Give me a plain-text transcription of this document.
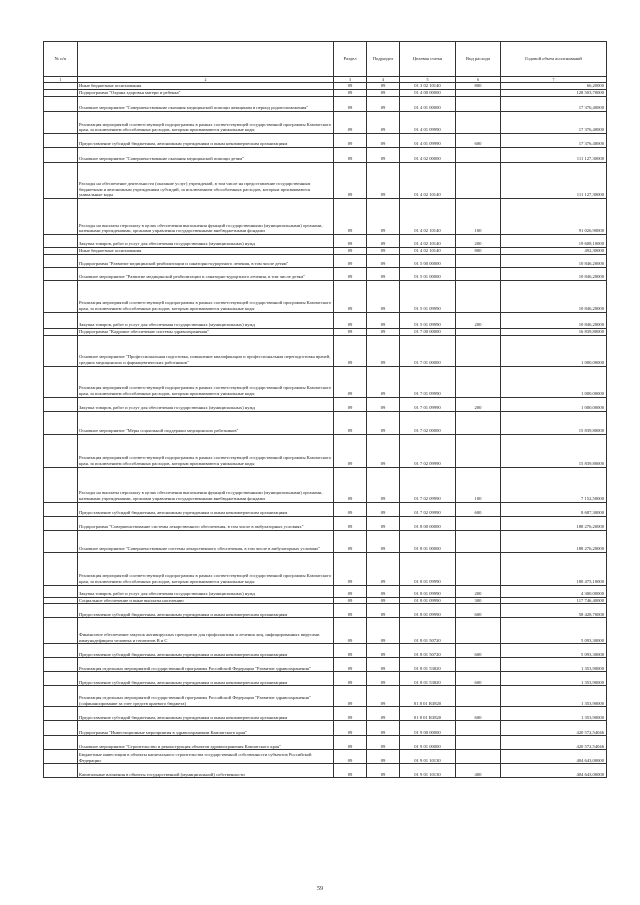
№ п/п		Раздел	Подраздел	Целевая статья	Вид расхода	Годовой объем ассигнований
1	2	3	4	5	6	7
	Иные бюджетные ассигнования	09	09	01 3 02 10140	800	66,20000
	Подпрограмма "Охрана здоровья матери и ребенка"	09	09	01 4 00 00000		128 503,70000
	Основное мероприятие "Совершенствование оказания медицинской помощи женщинам в период родовспоможения"	09	09	01 4 01 00000		17 376,40000
	Реализация мероприятий соответствующей подпрограммы в рамках соответствующей государственной программы Камчатского края, за исключением обособленных расходов, которым присваиваются уникальные коды	09	09	01 4 01 09990		17 376,40000
	Предоставление субсидий бюджетным, автономным учреждениям и иным некоммерческим организациям	09	09	01 4 01 09990	600	17 376,40000
	Основное мероприятие "Совершенствование оказания медицинской помощи детям"	09	09	01 4 02 00000		111 127,30000
	Расходы на обеспечение деятельности (оказание услуг) учреждений, в том числе на предоставление государственным бюджетным и автономным учреждениям субсидий, за исключением обособленных расходов, которым присваиваются уникальные коды	09	09	01 4 02 10140		111 127,30000
	Расходы на выплаты персоналу в целях обеспечения выполнения функций государственными (муниципальными) органами, казенными учреждениями, органами управления государственными внебюджетными фондами	09	09	01 4 02 10140	100	91 026,90000
	Закупка товаров, работ и услуг для обеспечения государственных (муниципальных) нужд	09	09	01 4 02 10140	200	19 608,10000
	Иные бюджетные ассигнования	09	09	01 4 02 10140	800	492,30000
	Подпрограмма "Развитие медицинской реабилитации и санаторно-курортного лечения, в том числе детям"	09	09	01 5 00 00000		10 846,20000
	Основное мероприятие "Развитие медицинской реабилитации и санаторно-курортного лечения, в том числе детям"	09	09	01 5 01 00000		10 846,20000
	Реализация мероприятий соответствующей подпрограммы в рамках соответствующей государственной программы Камчатского края, за исключением обособленных расходов, которым присваиваются уникальные коды	09	09	01 5 01 09990		10 846,20000
	Закупка товаров, работ и услуг для обеспечения государственных (муниципальных) нужд	09	09	01 5 01 09990	200	10 846,20000
	Подпрограмма "Кадровое обеспечение системы здравоохранения"	09	09	01 7 00 00000		16 839,80000
	Основное мероприятие "Профессиональная подготовка, повышение квалификации и профессиональная переподготовка врачей, средних медицинских и фармацевтических работников"	09	09	01 7 01 00000		1 000,00000
	Реализация мероприятий соответствующей подпрограммы в рамках соответствующей государственной программы Камчатского края, за исключением обособленных расходов, которым присваиваются уникальные коды	09	09	01 7 01 09990		1 000,00000
	Закупка товаров, работ и услуг для обеспечения государственных (муниципальных) нужд	09	09	01 7 01 09990	200	1 000,00000
	Основное мероприятие "Меры социальной поддержки медицинских работников"	09	09	01 7 02 00000		15 839,80000
	Реализация мероприятий соответствующей подпрограммы в рамках соответствующей государственной программы Камчатского края, за исключением обособленных расходов, которым присваиваются уникальные коды	09	09	01 7 02 09990		15 839,80000
	Расходы на выплаты персоналу в целях обеспечения выполнения функций государственными (муниципальными) органами, казенными учреждениями, органами управления государственными внебюджетными фондами	09	09	01 7 02 09990	100	7 152,50000
	Предоставление субсидий бюджетным, автономным учреждениям и иным некоммерческим организациям	09	09	01 7 02 09990	600	8 687,30000
	Подпрограмма "Совершенствование системы лекарственного обеспечения, в том числе в амбулаторных условиях"	09	09	01 8 00 00000		188 276,20000
	Основное мероприятие "Совершенствование системы лекарственного обеспечения, в том числе в амбулаторных условиях"	09	09	01 8 01 00000		188 276,20000
	Реализация мероприятий соответствующей подпрограммы в рамках соответствующей государственной программы Камчатского края, за исключением обособленных расходов, которым присваиваются уникальные коды	09	09	01 8 01 09990		180 475,10000
	Закупка товаров, работ и услуг для обеспечения государственных (муниципальных) нужд	09	09	01 8 01 09990	200	4 300,00000
	Социальное обеспечение и иные выплаты населению	09	09	01 8 01 09990	300	117 746,40000
	Предоставление субсидий бюджетным, автономным учреждениям и иным некоммерческим организациям	09	09	01 8 01 09990	600	58 428,70000
	Финансовое обеспечение закупок антивирусных препаратов для профилактики и лечения лиц, инфицированных вирусами иммунодефицита человека и гепатитов В и С	09	09	01 8 01 50720		5 093,30000
	Предоставление субсидий бюджетным, автономным учреждениям и иным некоммерческим организациям	09	09	01 8 01 50720	600	5 093,30000
	Реализация отдельных мероприятий государственной программы Российской Федерации "Развитие здравоохранения"	09	09	01 8 01 53820		1 353,90000
	Предоставление субсидий бюджетным, автономным учреждениям и иным некоммерческим организациям	09	09	01 8 01 53820	600	1 353,90000
	Реализация отдельных мероприятий государственной программы Российской Федерации "Развитие здравоохранения" (софинансирование за счет средств краевого бюджета)	09	09	01 8 01 R3820		1 353,90000
	Предоставление субсидий бюджетным, автономным учреждениям и иным некоммерческим организациям	09	09	01 8 01 R3820	600	1 353,90000
	Подпрограмма "Инвестиционные мероприятия в здравоохранении Камчатского края"	09	09	01 9 00 00000		420 572,54046
	Основное мероприятие "Строительство и реконструкция объектов здравоохранения Камчатского края"	09	09	01 9 01 00000		420 572,54046
	Бюджетные инвестиции в объекты капитального строительства государственной собственности субъектов Российской Федерации	09	09	01 9 01 10130		404 643,00000
	Капитальные вложения в объекты государственной (муниципальной) собственности	09	09	01 9 01 10130	400	404 643,00000
59
